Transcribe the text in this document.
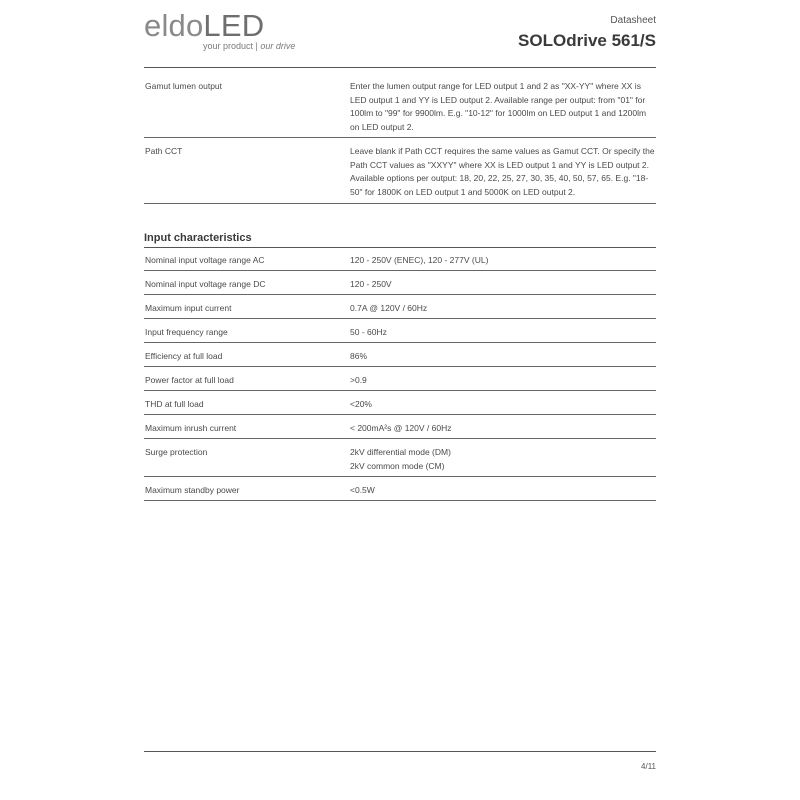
eldoLED
your product | our drive
Datasheet
SOLOdrive 561/S
Gamut lumen output	Enter the lumen output range for LED output 1 and 2 as "XX-YY" where XX is LED output 1 and YY is LED output 2. Available range per output: from "01" for 100lm to "99" for 9900lm. E.g. "10-12" for 1000lm on LED output 1 and 1200lm on LED output 2.
Path CCT	Leave blank if Path CCT requires the same values as Gamut CCT. Or specify the Path CCT values as "XXYY" where XX is LED output 1 and YY is LED output 2. Available options per output: 18, 20, 22, 25, 27, 30, 35, 40, 50, 57, 65. E.g. "18-50" for 1800K on LED output 1 and 5000K on LED output 2.
Input characteristics
Nominal input voltage range AC	120 - 250V (ENEC), 120 - 277V (UL)
Nominal input voltage range DC	120 - 250V
Maximum input current	0.7A @ 120V / 60Hz
Input frequency range	50 - 60Hz
Efficiency at full load	86%
Power factor at full load	>0.9
THD at full load	<20%
Maximum inrush current	< 200mA²s @ 120V / 60Hz
Surge protection	2kV differential mode (DM)
2kV common mode (CM)
Maximum standby power	<0.5W
4/11
